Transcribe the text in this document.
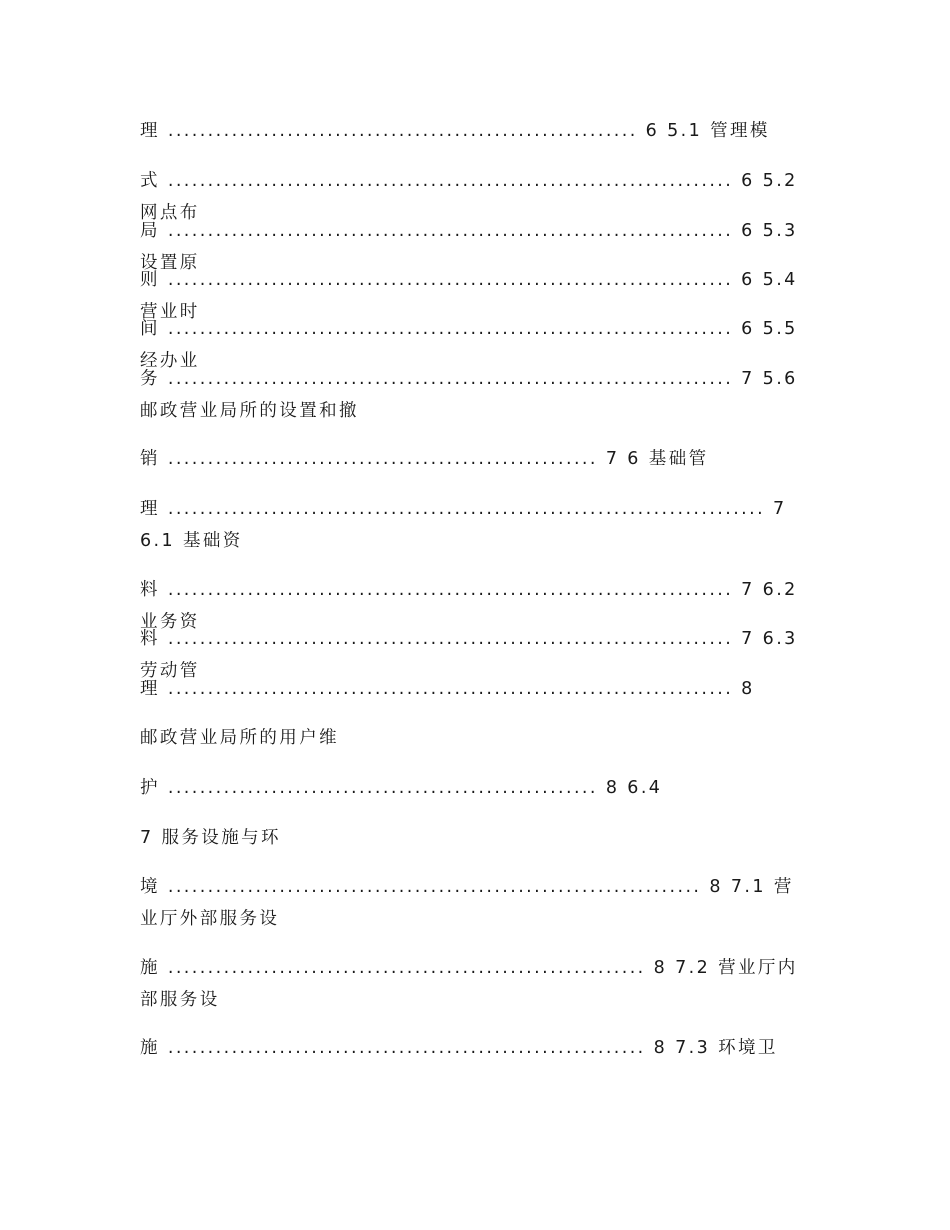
理 ........................................................... 6 5.1 管理模
式 ....................................................................... 6 5.2 网点布
局 ....................................................................... 6 5.3 设置原
则 ....................................................................... 6 5.4 营业时
间 ....................................................................... 6 5.5 经办业
务 ....................................................................... 7 5.6 邮政营业局所的设置和撤
销 ...................................................... 7 6 基础管
理 ........................................................................... 7 6.1 基础资
料 ....................................................................... 7 6.2 业务资
料 ....................................................................... 7 6.3 劳动管
理 ....................................................................... 8
邮政营业局所的用户维
护 ...................................................... 8 6.4
7 服务设施与环
境 ................................................................... 8 7.1 营业厅外部服务设
施 ............................................................ 8 7.2 营业厅内部服务设
施 ............................................................ 8 7.3 环境卫
